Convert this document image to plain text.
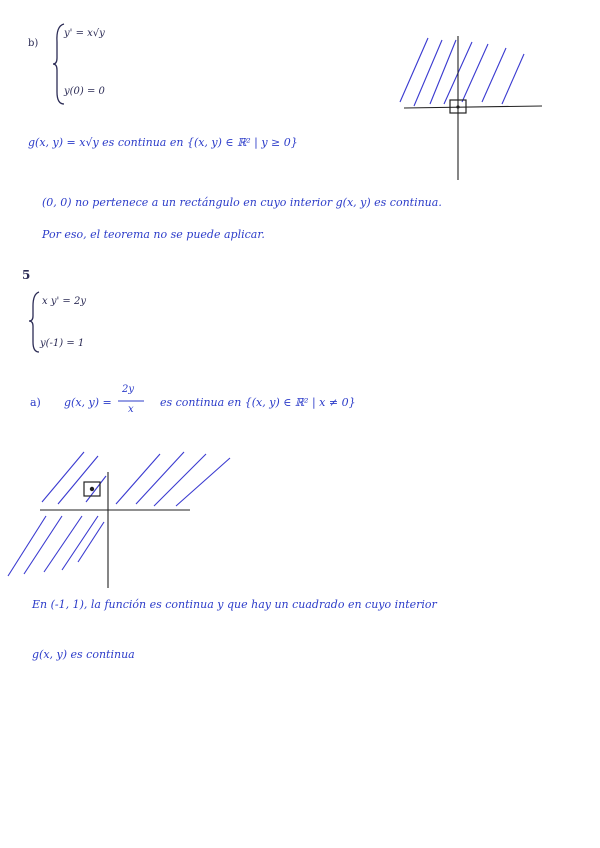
b)
y' = x√y
y(0) = 0
g(x, y) = x√y es continua en {(x, y) ∈ ℝ² | y ≥ 0}
(0, 0) no pertenece a un rectángulo en cuyo interior g(x, y) es continua.
Por eso, el teorema no se puede aplicar.
5
x y' = 2y
y(-1) = 1
a) g(x, y) =
2y
x
es continua en {(x, y) ∈ ℝ² | x ≠ 0}
En (-1, 1), la función es continua y que hay un cuadrado en cuyo interior
g(x, y) es continua
